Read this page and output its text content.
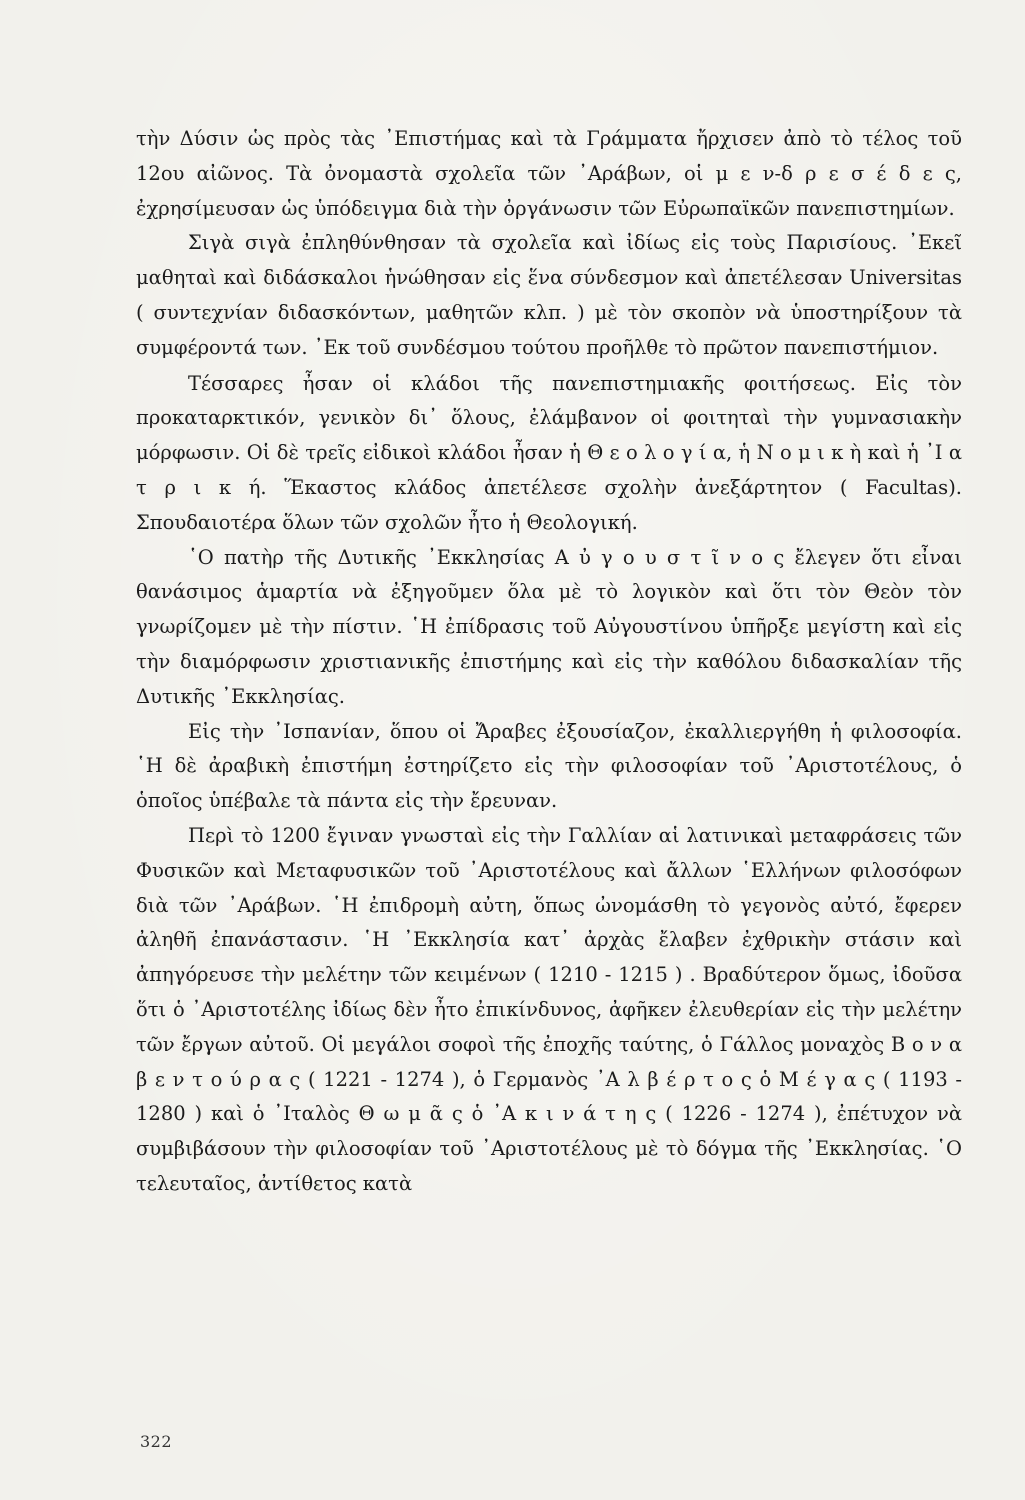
τὴν Δύσιν ὡς πρὸς τὰς ᾿Επιστήμας καὶ τὰ Γράμματα ἤρχισεν ἀπὸ τὸ τέλος τοῦ 12ου αἰῶνος. Τὰ ὀνομαστὰ σχολεῖα τῶν ᾿Αράβων, οἱ μ ε ν-δ ρ ε σ έ δ ε ς, ἐχρησίμευσαν ὡς ὑπόδειγμα διὰ τὴν ὀργάνωσιν τῶν Εὐρωπαϊκῶν πανεπιστημίων.

Σιγὰ σιγὰ ἐπληθύνθησαν τὰ σχολεῖα καὶ ἰδίως εἰς τοὺς Παρισίους. ᾿Εκεῖ μαθηταὶ καὶ διδάσκαλοι ἡνώθησαν εἰς ἕνα σύνδεσμον καὶ ἀπετέλεσαν Universitas ( συντεχνίαν διδασκόντων, μαθητῶν κλπ. ) μὲ τὸν σκοπὸν νὰ ὑποστηρίξουν τὰ συμφέροντά των. ᾿Εκ τοῦ συνδέσμου τούτου προῆλθε τὸ πρῶτον πανεπιστήμιον.

Τέσσαρες ἦσαν οἱ κλάδοι τῆς πανεπιστημιακῆς φοιτήσεως. Εἰς τὸν προκαταρκτικόν, γενικὸν δι᾿ ὅλους, ἐλάμβανον οἱ φοιτηταὶ τὴν γυμνασιακὴν μόρφωσιν. Οἱ δὲ τρεῖς εἰδικοὶ κλάδοι ἦσαν ἡ Θ ε ο λ ο γ ί α, ἡ Ν ο μ ι κ ὴ καὶ ἡ ᾿Ι α τ ρ ι κ ή. Ἕκαστος κλάδος ἀπετέλεσε σχολὴν ἀνεξάρτητον ( Facultas). Σπουδαιοτέρα ὅλων τῶν σχολῶν ἦτο ἡ Θεολογική.

῾Ο πατὴρ τῆς Δυτικῆς ᾿Εκκλησίας Α ὐ γ ο υ σ τ ῖ ν ο ς ἔλεγεν ὅτι εἶναι θανάσιμος ἁμαρτία νὰ ἐξηγοῦμεν ὅλα μὲ τὸ λογικὸν καὶ ὅτι τὸν Θεὸν τὸν γνωρίζομεν μὲ τὴν πίστιν. ῾Η ἐπίδρασις τοῦ Αὐγουστίνου ὑπῆρξε μεγίστη καὶ εἰς τὴν διαμόρφωσιν χριστιανικῆς ἐπιστήμης καὶ εἰς τὴν καθόλου διδασκαλίαν τῆς Δυτικῆς ᾿Εκκλησίας.

Εἰς τὴν ᾿Ισπανίαν, ὅπου οἱ Ἄραβες ἐξουσίαζον, ἐκαλλιεργήθη ἡ φιλοσοφία. ῾Η δὲ ἀραβικὴ ἐπιστήμη ἐστηρίζετο εἰς τὴν φιλοσοφίαν τοῦ ᾿Αριστοτέλους, ὁ ὁποῖος ὑπέβαλε τὰ πάντα εἰς τὴν ἔρευναν.

Περὶ τὸ 1200 ἔγιναν γνωσταὶ εἰς τὴν Γαλλίαν αἱ λατινικαὶ μεταφράσεις τῶν Φυσικῶν καὶ Μεταφυσικῶν τοῦ ᾿Αριστοτέλους καὶ ἄλλων ῾Ελλήνων φιλοσόφων διὰ τῶν ᾿Αράβων. ῾Η ἐπιδρομὴ αὐτη, ὅπως ὠνομάσθη τὸ γεγονὸς αὐτό, ἔφερεν ἀληθῆ ἐπανάστασιν. ῾Η ᾿Εκκλησία κατ᾿ ἀρχὰς ἔλαβεν ἐχθρικὴν στάσιν καὶ ἀπηγόρευσε τὴν μελέτην τῶν κειμένων ( 1210 - 1215 ) . Βραδύτερον ὅμως, ἰδοῦσα ὅτι ὁ ᾿Αριστοτέλης ἰδίως δὲν ἦτο ἐπικίνδυνος, ἀφῆκεν ἐλευθερίαν εἰς τὴν μελέτην τῶν ἔργων αὐτοῦ. Οἱ μεγάλοι σοφοὶ τῆς ἐποχῆς ταύτης, ὁ Γάλλος μοναχὸς Β ο ν α β ε ν τ ο ύ ρ α ς ( 1221 - 1274 ), ὁ Γερμανὸς ᾿Α λ β έ ρ τ ο ς ὁ Μ έ γ α ς ( 1193 - 1280 ) καὶ ὁ ᾿Ιταλὸς Θ ω μ ᾶ ς ὁ ᾿Α κ ι ν ά τ η ς ( 1226 - 1274 ), ἐπέτυχον νὰ συμβιβάσουν τὴν φιλοσοφίαν τοῦ ᾿Αριστοτέλους μὲ τὸ δόγμα τῆς ᾿Εκκλησίας. ῾Ο τελευταῖος, ἀντίθετος κατὰ

322
